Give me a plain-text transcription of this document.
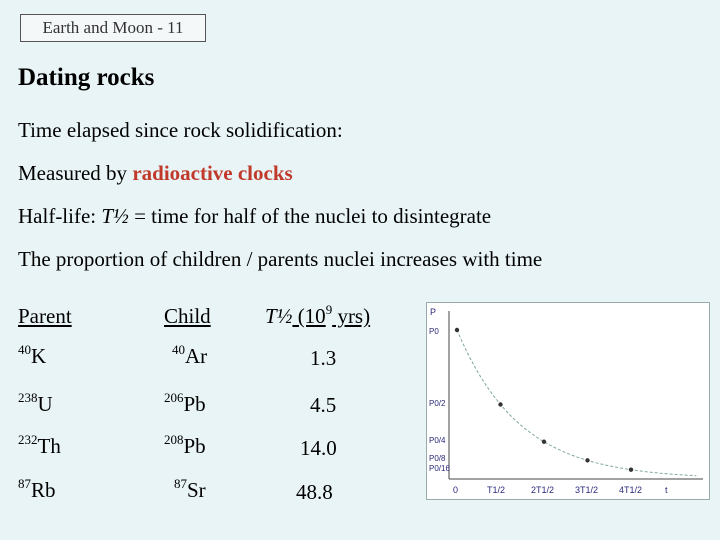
Earth and Moon - 11
Dating rocks
Time elapsed since rock solidification:
Measured by radioactive clocks
Half-life: T½ = time for half of the nuclei to disintegrate
The proportion of children / parents nuclei increases with time
Parent	Child	T½ ($10^9$ yrs)
$^{40}$K	$^{40}$Ar	1.3
$^{238}$U	$^{206}$Pb	4.5
$^{232}$Th	$^{208}$Pb	14.0
$^{87}$Rb	$^{87}$Sr	48.8
P
P0
P0/2
P0/4
P0/8
P0/16
0	T1/2	2T1/2 3T1/2 4T1/2	t
